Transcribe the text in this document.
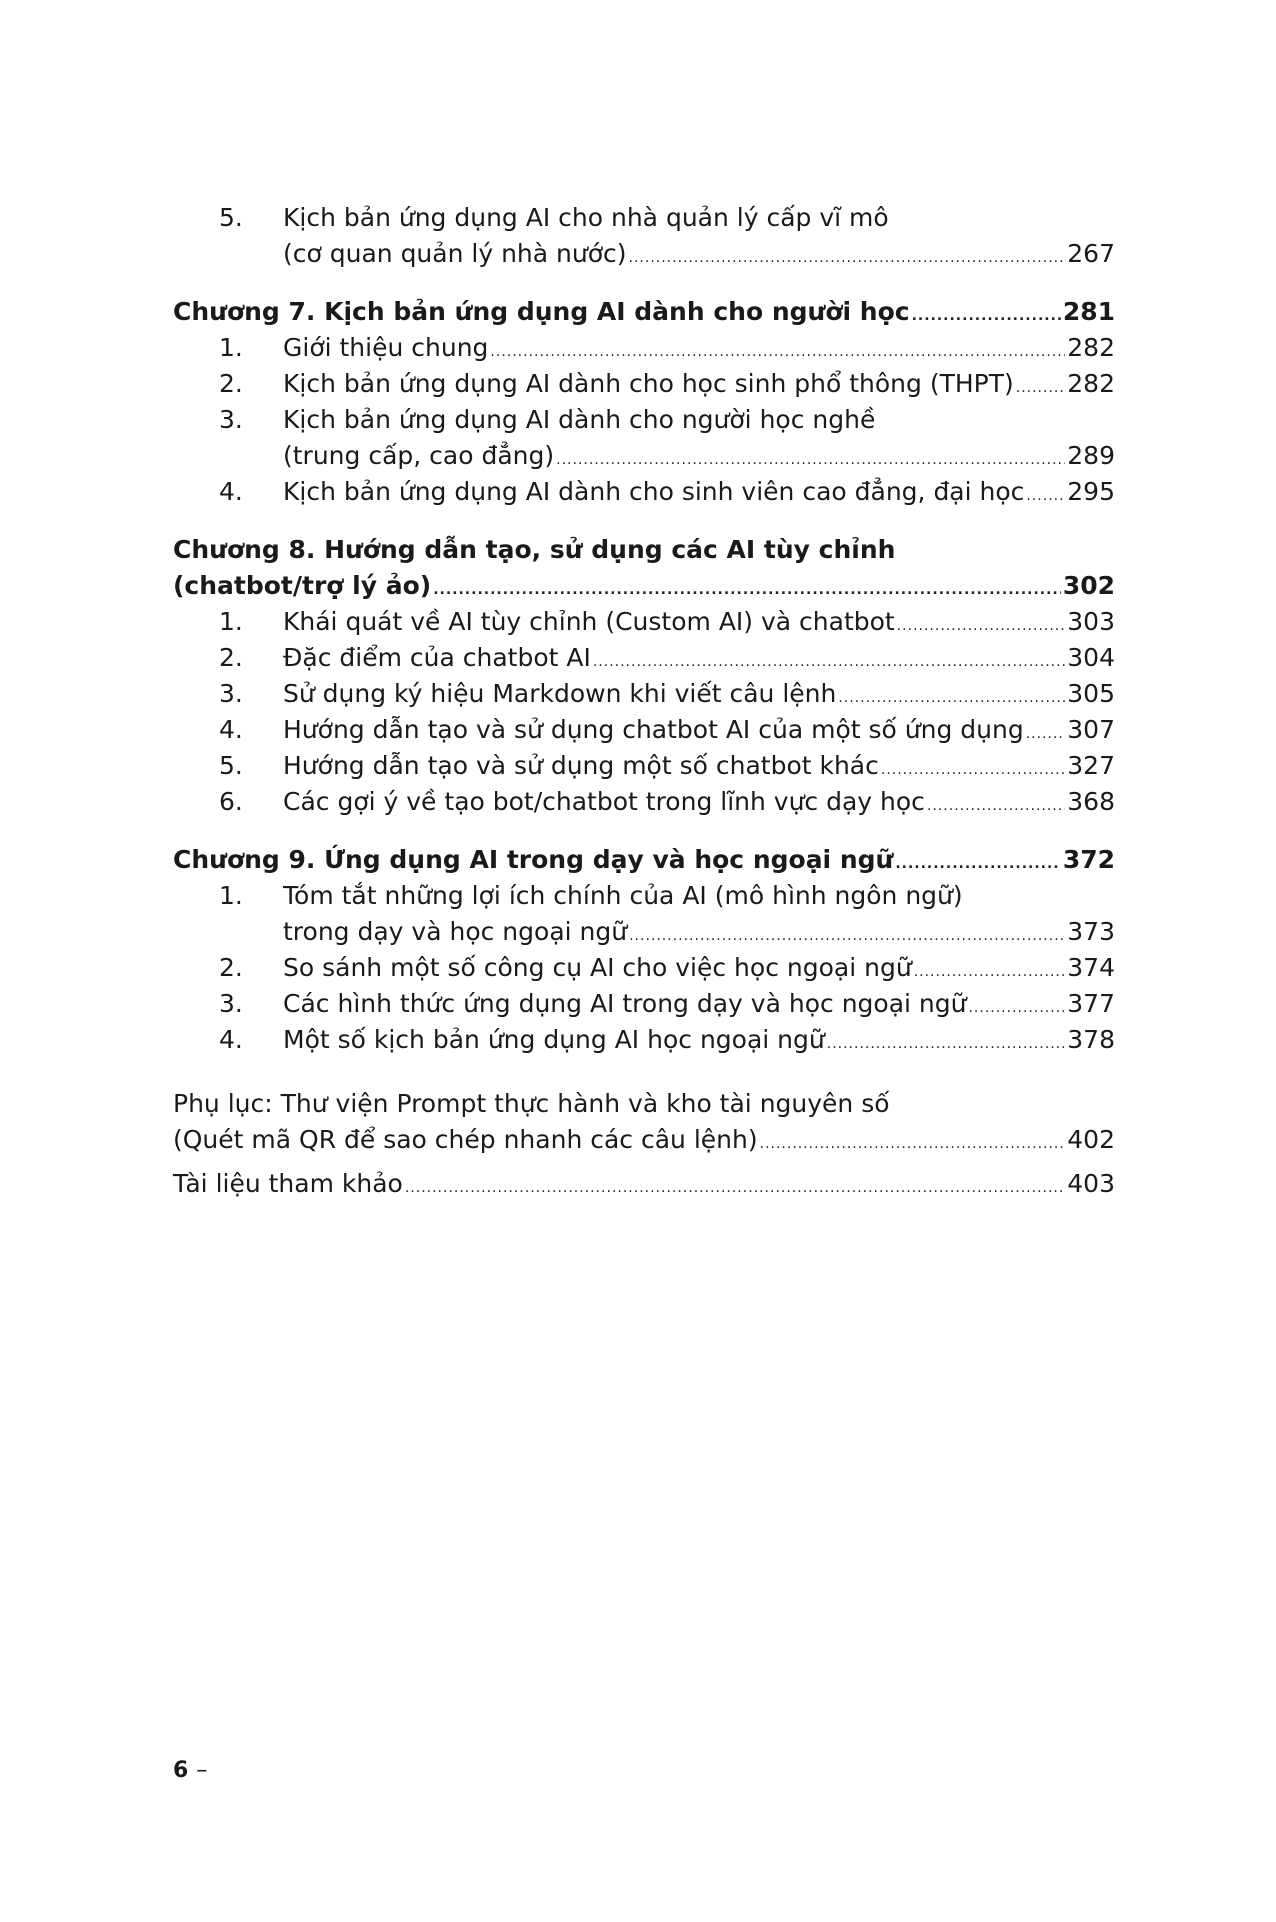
5.	Kịch bản ứng dụng AI cho nhà quản lý cấp vĩ mô
(cơ quan quản lý nhà nước) .....	267
Chương 7. Kịch bản ứng dụng AI dành cho người học .....	281
1.	Giới thiệu chung .....	282
2.	Kịch bản ứng dụng AI dành cho học sinh phổ thông (THPT) ..... 282
3.	Kịch bản ứng dụng AI dành cho người học nghề
(trung cấp, cao đẳng) .....	289
4.	Kịch bản ứng dụng AI dành cho sinh viên cao đẳng, đại học ..... 295
Chương 8. Hướng dẫn tạo, sử dụng các AI tùy chỉnh
(chatbot/trợ lý ảo) .....	302
1.	Khái quát về AI tùy chỉnh (Custom AI) và chatbot .....	303
2.	Đặc điểm của chatbot AI .....	304
3.	Sử dụng ký hiệu Markdown khi viết câu lệnh .....	305
4.	Hướng dẫn tạo và sử dụng chatbot AI của một số ứng dụng ..... 307
5.	Hướng dẫn tạo và sử dụng một số chatbot khác .....	327
6.	Các gợi ý về tạo bot/chatbot trong lĩnh vực dạy học .....	368
Chương 9. Ứng dụng AI trong dạy và học ngoại ngữ .....	372
1.	Tóm tắt những lợi ích chính của AI (mô hình ngôn ngữ)
trong dạy và học ngoại ngữ .....	373
2.	So sánh một số công cụ AI cho việc học ngoại ngữ .....	374
3.	Các hình thức ứng dụng AI trong dạy và học ngoại ngữ .....	377
4.	Một số kịch bản ứng dụng AI học ngoại ngữ .....	378
Phụ lục: Thư viện Prompt thực hành và kho tài nguyên số
(Quét mã QR để sao chép nhanh các câu lệnh) .....	402
Tài liệu tham khảo .....	403
6 –
